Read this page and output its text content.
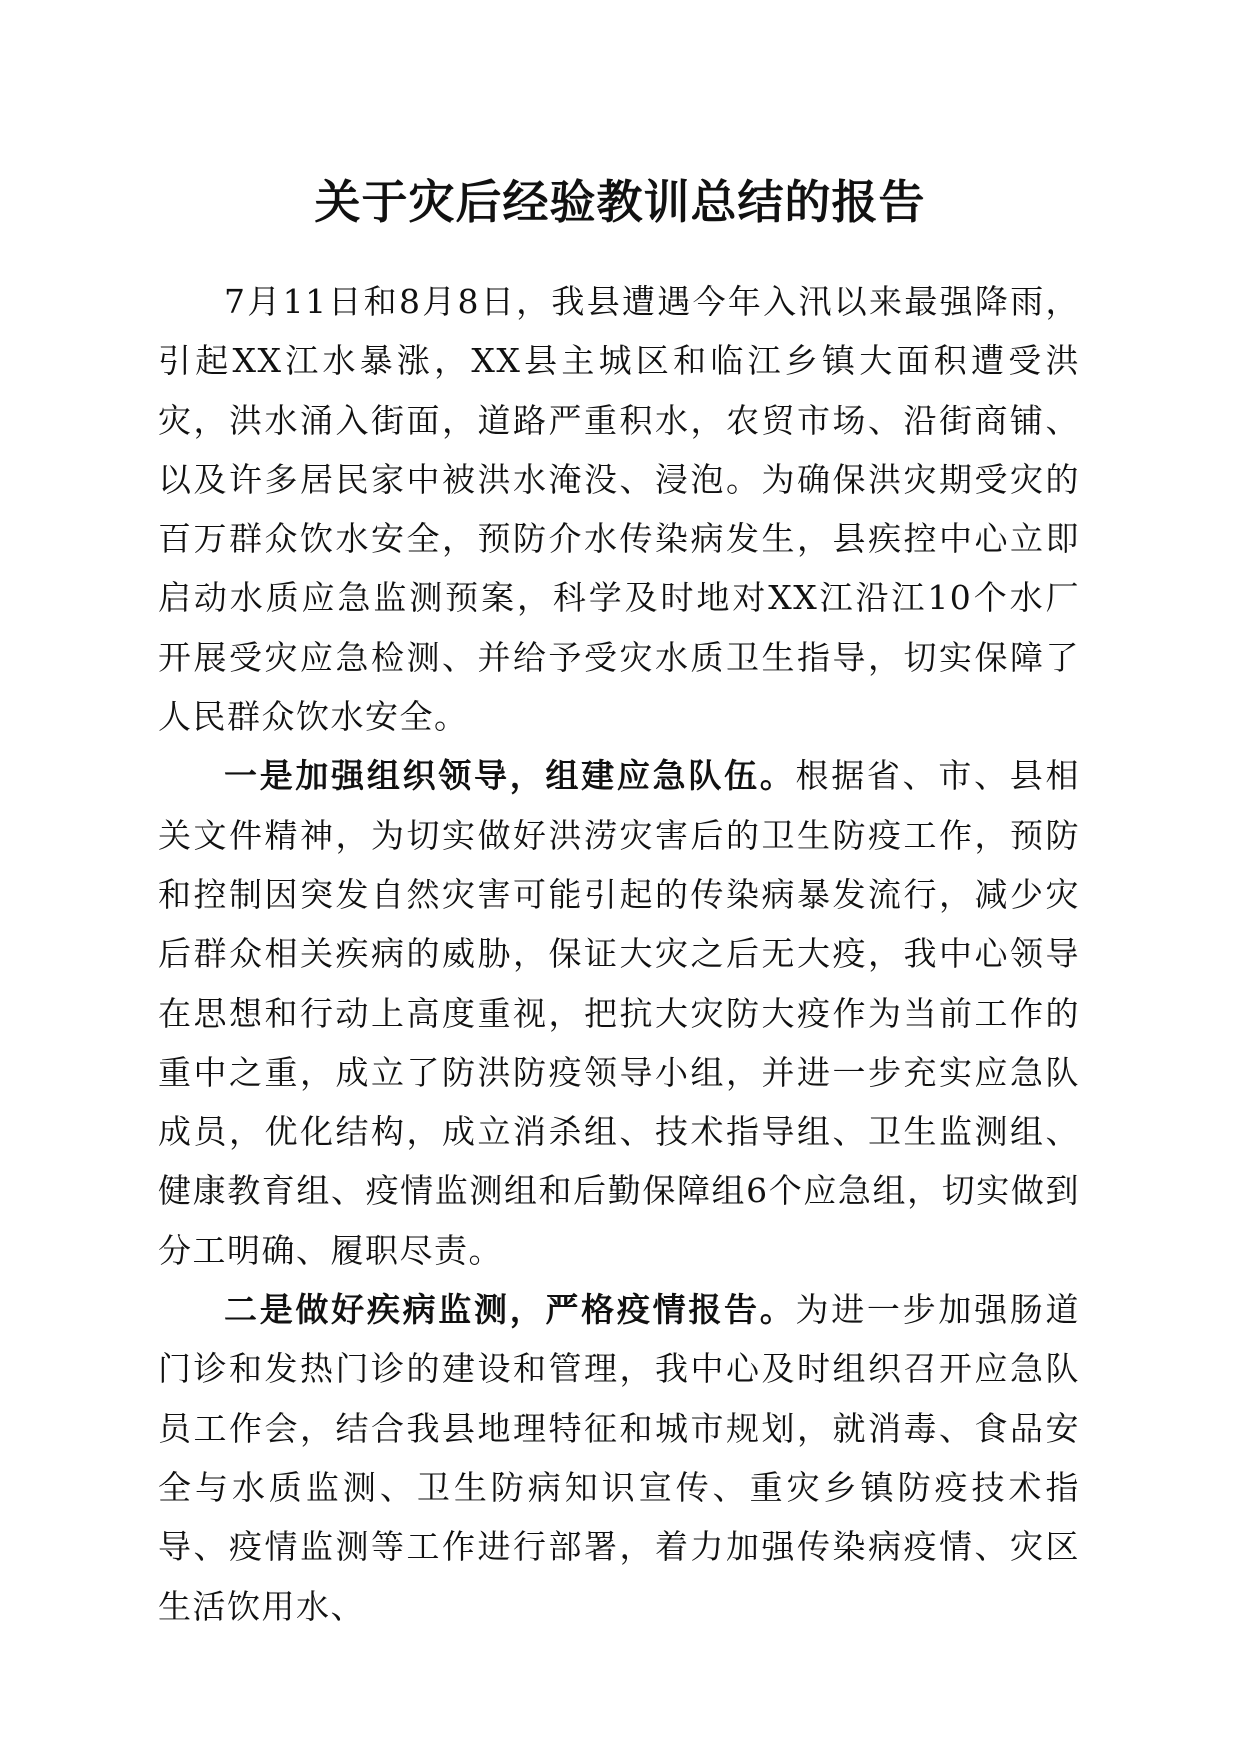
关于灾后经验教训总结的报告

7月11日和8月8日，我县遭遇今年入汛以来最强降雨，引起XX江水暴涨，XX县主城区和临江乡镇大面积遭受洪灾，洪水涌入街面，道路严重积水，农贸市场、沿街商铺、以及许多居民家中被洪水淹没、浸泡。为确保洪灾期受灾的百万群众饮水安全，预防介水传染病发生，县疾控中心立即启动水质应急监测预案，科学及时地对XX江沿江10个水厂开展受灾应急检测、并给予受灾水质卫生指导，切实保障了人民群众饮水安全。

一是加强组织领导，组建应急队伍。根据省、市、县相关文件精神，为切实做好洪涝灾害后的卫生防疫工作，预防和控制因突发自然灾害可能引起的传染病暴发流行，减少灾后群众相关疾病的威胁，保证大灾之后无大疫，我中心领导在思想和行动上高度重视，把抗大灾防大疫作为当前工作的重中之重，成立了防洪防疫领导小组，并进一步充实应急队成员，优化结构，成立消杀组、技术指导组、卫生监测组、健康教育组、疫情监测组和后勤保障组6个应急组，切实做到分工明确、履职尽责。

二是做好疾病监测，严格疫情报告。为进一步加强肠道门诊和发热门诊的建设和管理，我中心及时组织召开应急队员工作会，结合我县地理特征和城市规划，就消毒、食品安全与水质监测、卫生防病知识宣传、重灾乡镇防疫技术指导、疫情监测等工作进行部署，着力加强传染病疫情、灾区生活饮用水、
